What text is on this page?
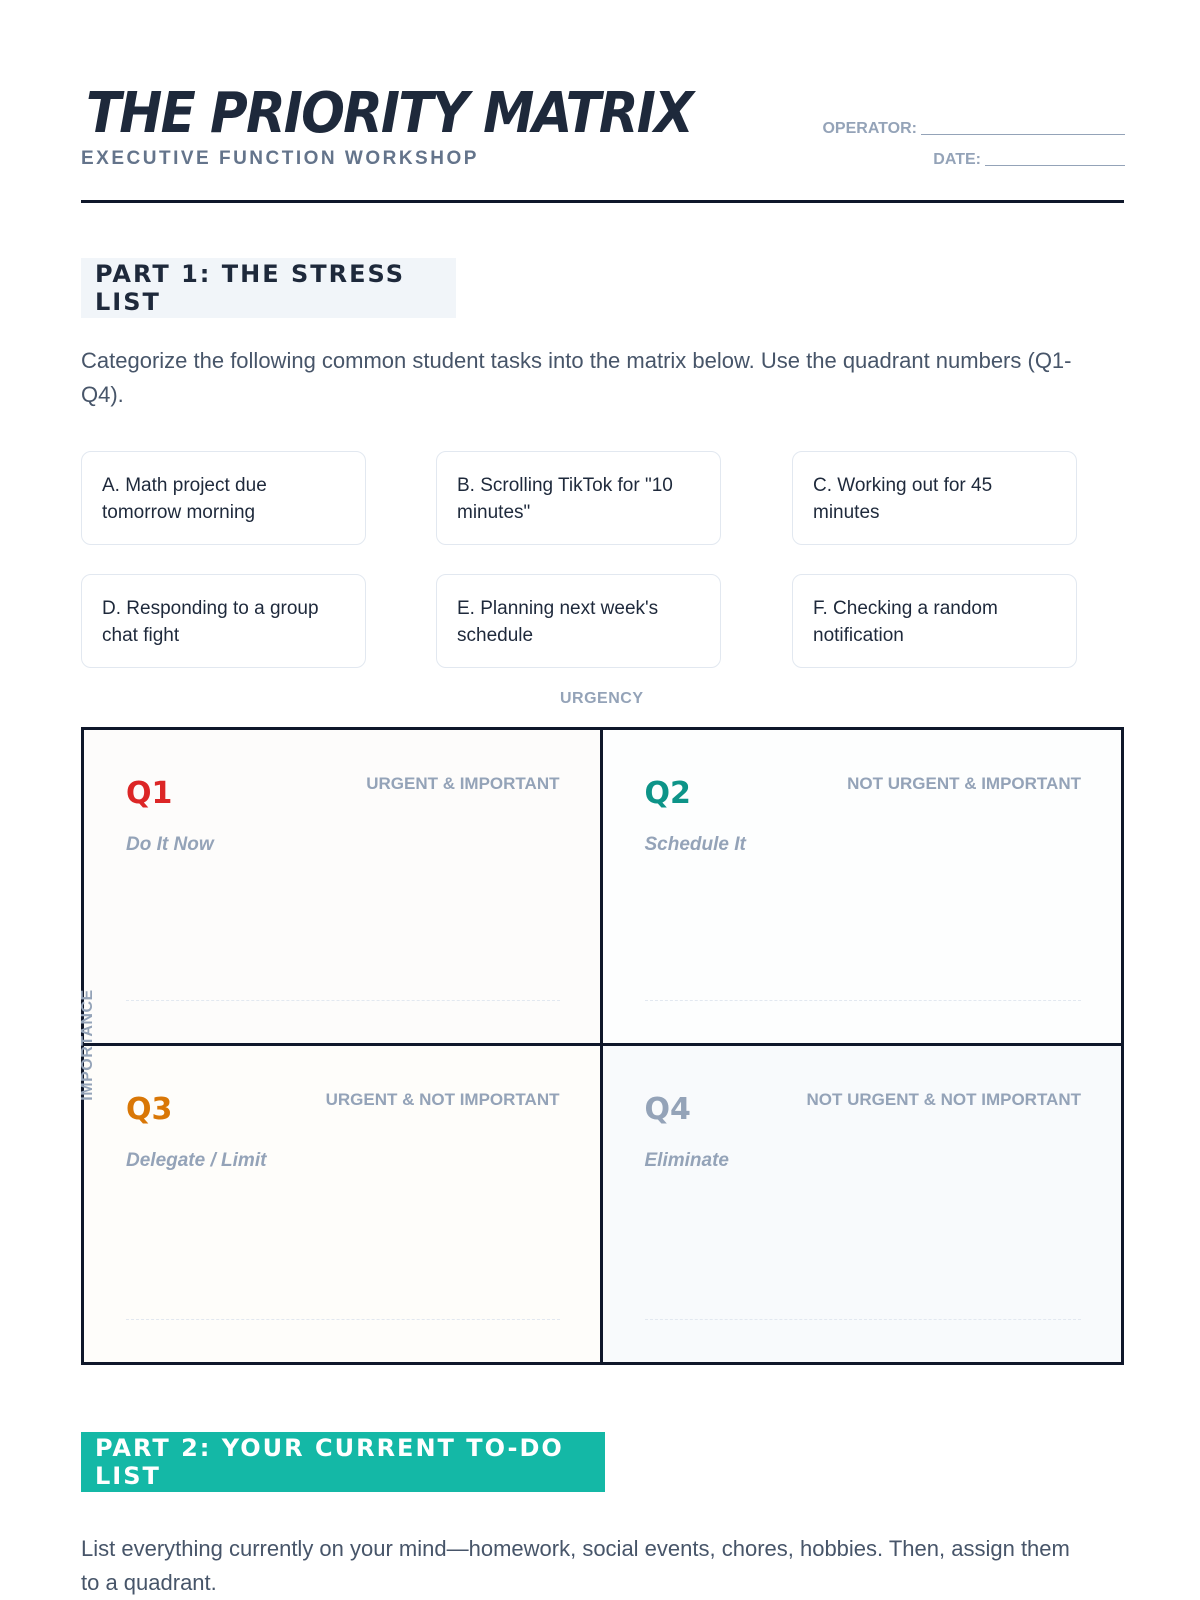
THE PRIORITY MATRIX
EXECUTIVE FUNCTION WORKSHOP
OPERATOR:
DATE:
PART 1: THE STRESS LIST

Categorize the following common student tasks into the matrix below. Use the quadrant numbers (Q1-Q4).

A. Math project due tomorrow morning
B. Scrolling TikTok for "10 minutes"
C. Working out for 45 minutes
D. Responding to a group chat fight
E. Planning next week's schedule
F. Checking a random notification
URGENCY
Q1	URGENT & IMPORTANT
Do It Now
Q2	NOT URGENT & IMPORTANT
Schedule It
Q3	URGENT & NOT IMPORTANT
Delegate / Limit
Q4	NOT URGENT & NOT IMPORTANT
Eliminate
IMPORTANCE
PART 2: YOUR CURRENT TO-DO LIST

List everything currently on your mind—homework, social events, chores, hobbies. Then, assign them to a quadrant.
